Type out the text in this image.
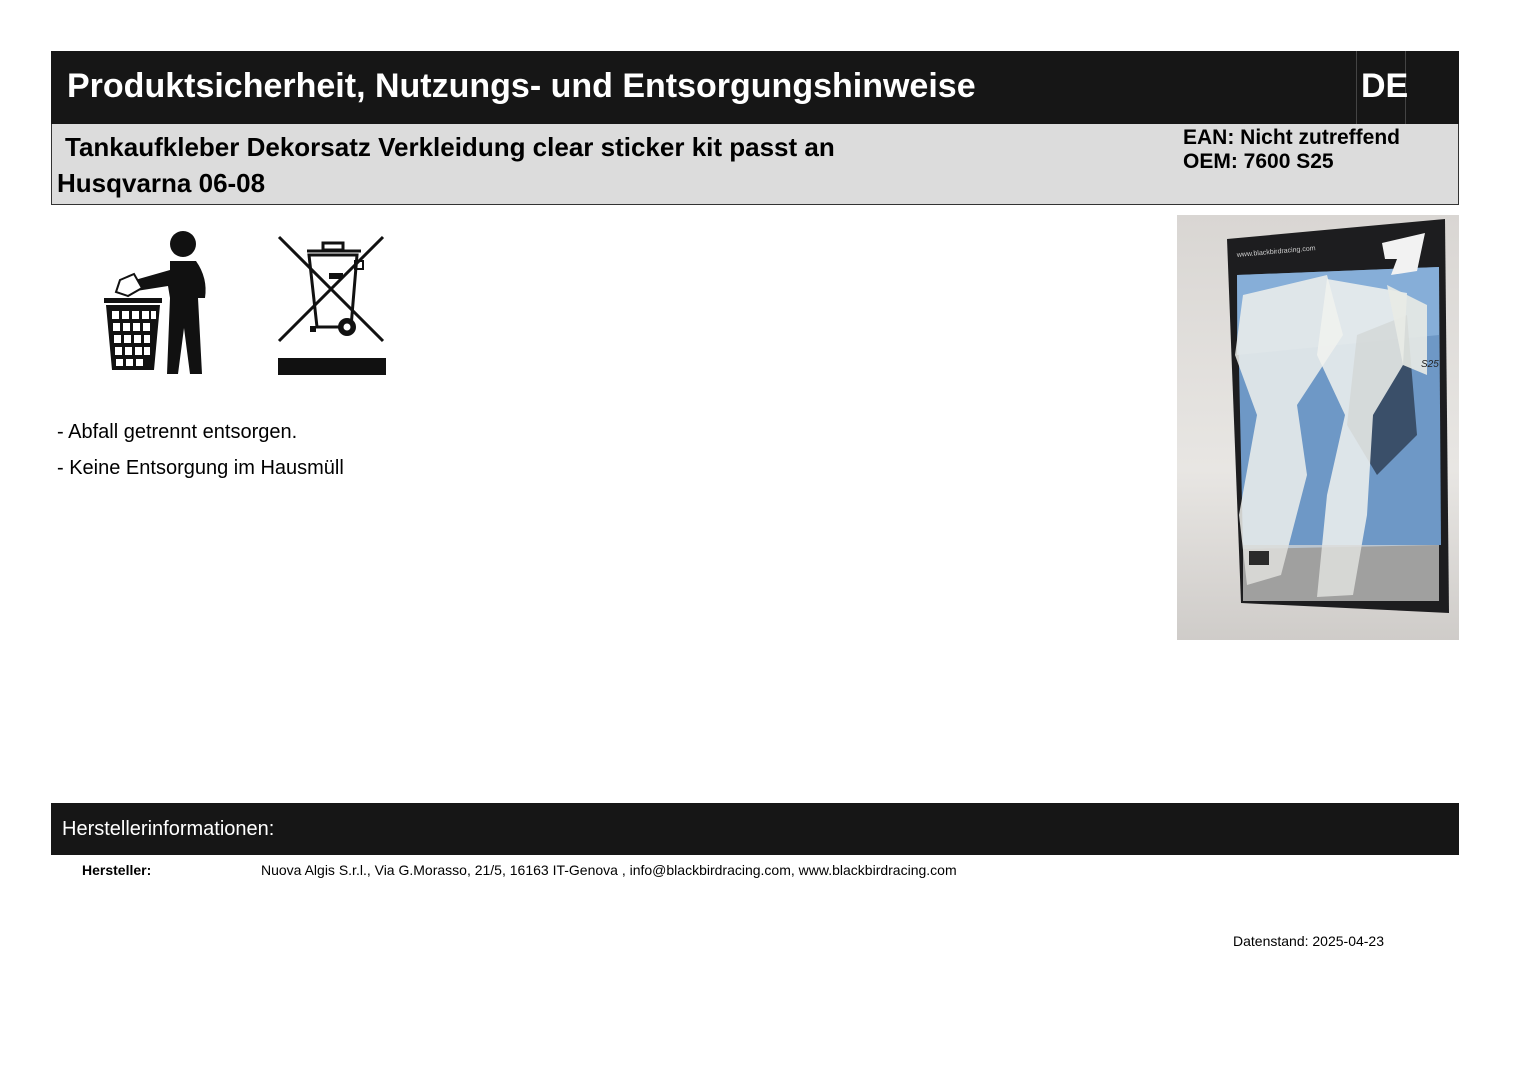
Produktsicherheit, Nutzungs- und Entsorgungshinweise	DE
Tankaufkleber Dekorsatz Verkleidung clear sticker kit passt an
Husqvarna 06-08
EAN: Nicht zutreffend
OEM: 7600 S25
- Abfall getrennt entsorgen.
- Keine Entsorgung im Hausmüll
www.blackbirdracing.com
S25
Herstellerinformationen:
Hersteller:	Nuova Algis S.r.l., Via G.Morasso, 21/5, 16163 IT-Genova , info@blackbirdracing.com, www.blackbirdracing.com
Datenstand: 2025-04-23
